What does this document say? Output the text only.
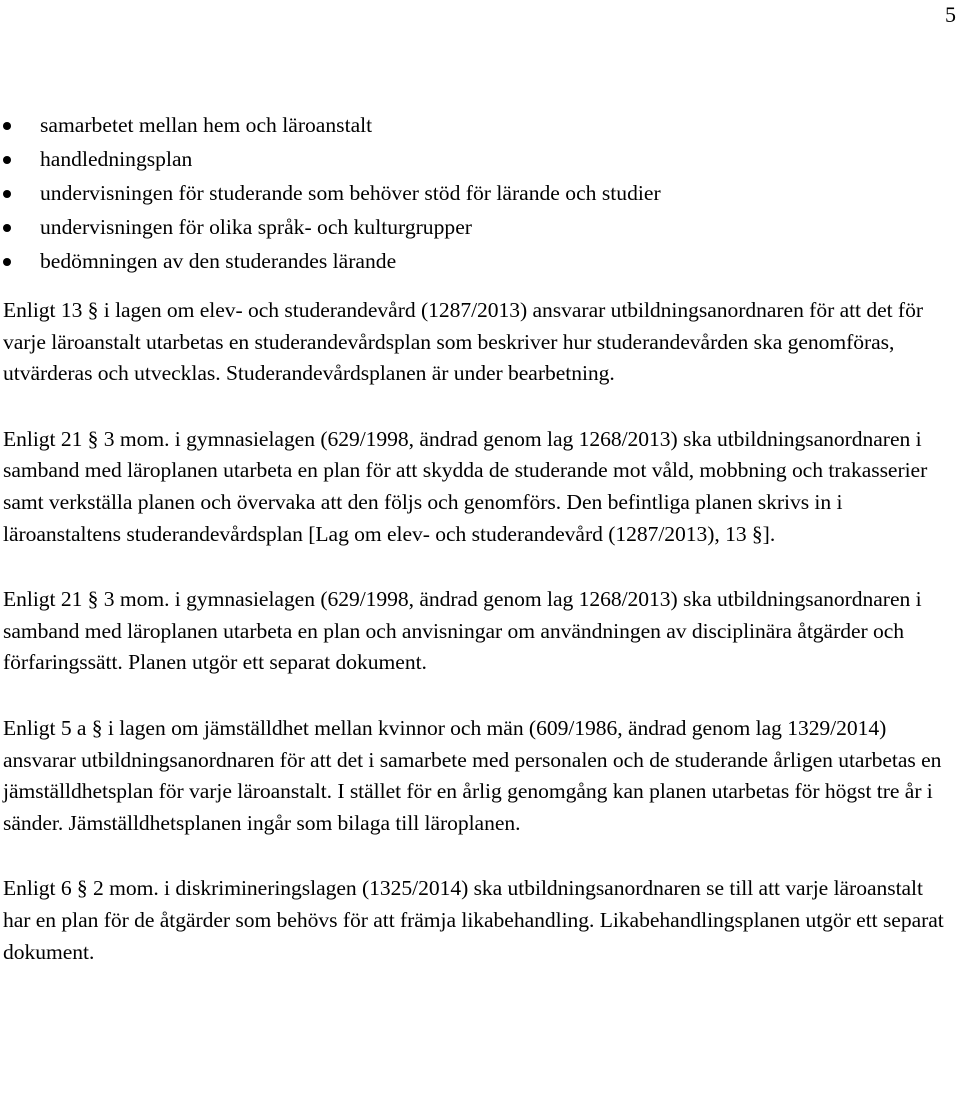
5
samarbetet mellan hem och läroanstalt
handledningsplan
undervisningen för studerande som behöver stöd för lärande och studier
undervisningen för olika språk- och kulturgrupper
bedömningen av den studerandes lärande

Enligt 13 § i lagen om elev- och studerandevård (1287/2013) ansvarar utbildningsanordnaren för att det för varje läroanstalt utarbetas en studerandevårdsplan som beskriver hur studerandevården ska genomföras, utvärderas och utvecklas. Studerandevårdsplanen är under bearbetning.

Enligt 21 § 3 mom. i gymnasielagen (629/1998, ändrad genom lag 1268/2013) ska utbildningsanordnaren i samband med läroplanen utarbeta en plan för att skydda de studerande mot våld, mobbning och trakasserier samt verkställa planen och övervaka att den följs och genomförs. Den befintliga planen skrivs in i läroanstaltens studerandevårdsplan [Lag om elev- och studerandevård (1287/2013), 13 §].

Enligt 21 § 3 mom. i gymnasielagen (629/1998, ändrad genom lag 1268/2013) ska utbildningsanordnaren i samband med läroplanen utarbeta en plan och anvisningar om användningen av disciplinära åtgärder och förfaringssätt. Planen utgör ett separat dokument.

Enligt 5 a § i lagen om jämställdhet mellan kvinnor och män (609/1986, ändrad genom lag 1329/2014) ansvarar utbildningsanordnaren för att det i samarbete med personalen och de studerande årligen utarbetas en jämställdhetsplan för varje läroanstalt. I stället för en årlig genomgång kan planen utarbetas för högst tre år i sänder. Jämställdhetsplanen ingår som bilaga till läroplanen.

Enligt 6 § 2 mom. i diskrimineringslagen (1325/2014) ska utbildningsanordnaren se till att varje läroanstalt har en plan för de åtgärder som behövs för att främja likabehandling. Likabehandlingsplanen utgör ett separat dokument.
